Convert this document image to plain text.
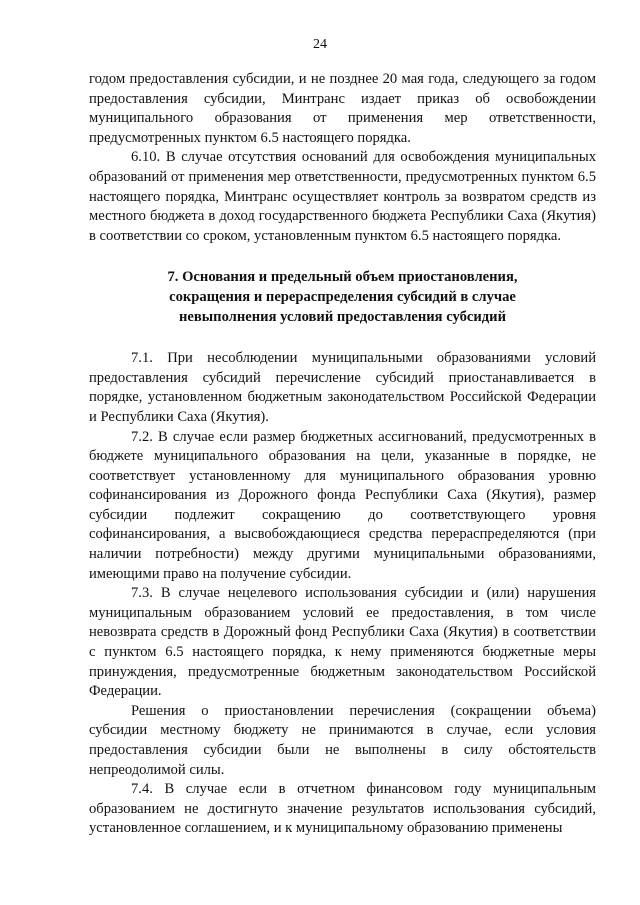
24

годом предоставления субсидии, и не позднее 20 мая года, следующего за годом предоставления субсидии, Минтранс издает приказ об освобождении муниципального образования от применения мер ответственности, предусмотренных пунктом 6.5 настоящего порядка.

6.10. В случае отсутствия оснований для освобождения муниципальных образований от применения мер ответственности, предусмотренных пунктом 6.5 настоящего порядка, Минтранс осуществляет контроль за возвратом средств из местного бюджета в доход государственного бюджета Республики Саха (Якутия) в соответствии со сроком, установленным пунктом 6.5 настоящего порядка.

7. Основания и предельный объем приостановления,
сокращения и перераспределения субсидий в случае
невыполнения условий предоставления субсидий

7.1. При несоблюдении муниципальными образованиями условий предоставления субсидий перечисление субсидий приостанавливается в порядке, установленном бюджетным законодательством Российской Федерации и Республики Саха (Якутия).

7.2. В случае если размер бюджетных ассигнований, предусмотренных в бюджете муниципального образования на цели, указанные в порядке, не соответствует установленному для муниципального образования уровню софинансирования из Дорожного фонда Республики Саха (Якутия), размер субсидии подлежит сокращению до соответствующего уровня софинансирования, а высвобождающиеся средства перераспределяются (при наличии потребности) между другими муниципальными образованиями, имеющими право на получение субсидии.

7.3. В случае нецелевого использования субсидии и (или) нарушения муниципальным образованием условий ее предоставления, в том числе невозврата средств в Дорожный фонд Республики Саха (Якутия) в соответствии с пунктом 6.5 настоящего порядка, к нему применяются бюджетные меры принуждения, предусмотренные бюджетным законодательством Российской Федерации.

Решения о приостановлении перечисления (сокращении объема) субсидии местному бюджету не принимаются в случае, если условия предоставления субсидии были не выполнены в силу обстоятельств непреодолимой силы.

7.4. В случае если в отчетном финансовом году муниципальным образованием не достигнуто значение результатов использования субсидий, установленное соглашением, и к муниципальному образованию применены
